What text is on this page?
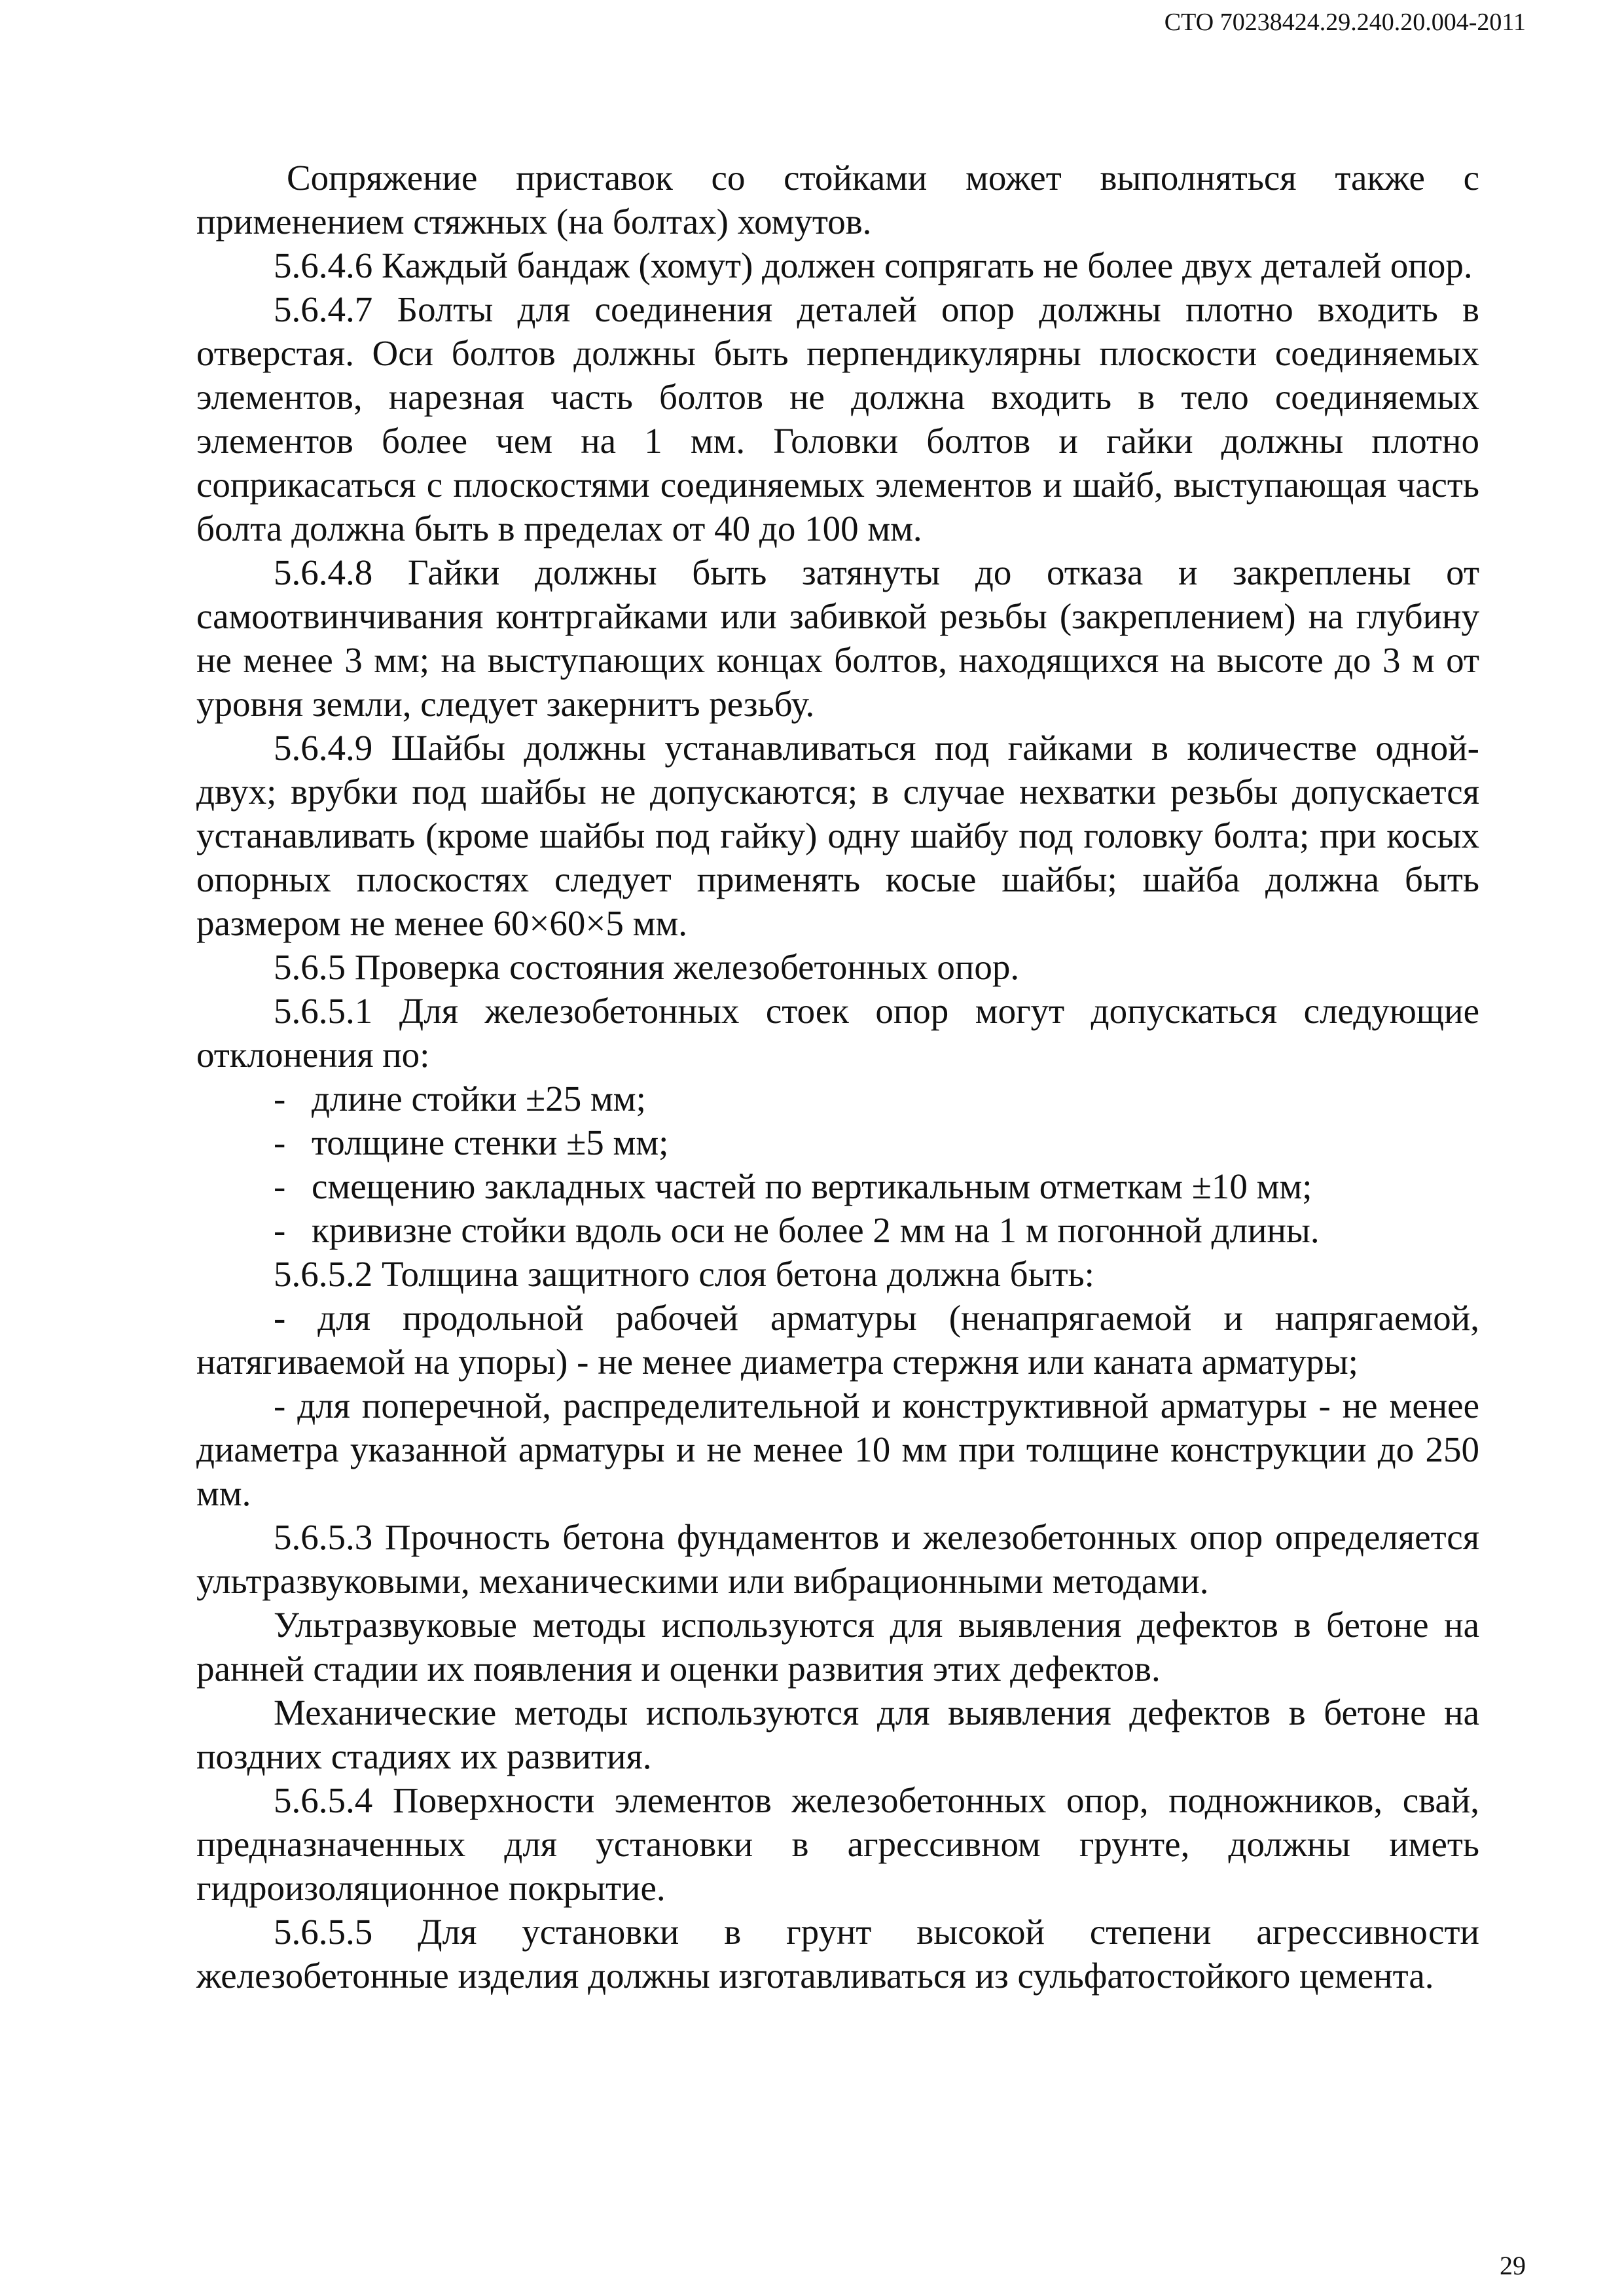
СТО 70238424.29.240.20.004-2011

Сопряжение приставок со стойками может выполняться также с применением стяжных (на болтах) хомутов.

5.6.4.6 Каждый бандаж (хомут) должен сопрягать не более двух деталей опор.

5.6.4.7 Болты для соединения деталей опор должны плотно входить в отверстая. Оси болтов должны быть перпендикулярны плоскости соединяемых элементов, нарезная часть болтов не должна входить в тело соединяемых элементов более чем на 1 мм. Головки болтов и гайки должны плотно соприкасаться с плоскостями соединяемых элементов и шайб, выступающая часть болта должна быть в пределах от 40 до 100 мм.

5.6.4.8 Гайки должны быть затянуты до отказа и закреплены от самоотвинчивания контргайками или забивкой резьбы (закреплением) на глубину не менее 3 мм; на выступающих концах болтов, находящихся на высоте до 3 м от уровня земли, следует закернитъ резьбу.

5.6.4.9 Шайбы должны устанавливаться под гайками в количестве одной-двух; врубки под шайбы не допускаются; в случае нехватки резьбы допускается устанавливать (кроме шайбы под гайку) одну шайбу под головку болта; при косых опорных плоскостях следует применять косые шайбы; шайба должна быть размером не менее 60×60×5 мм.

5.6.5 Проверка состояния железобетонных опор.

5.6.5.1 Для железобетонных стоек опор могут допускаться следующие отклонения по:

- длине стойки ±25 мм;
- толщине стенки ±5 мм;
- смещению закладных частей по вертикальным отметкам ±10 мм;
- кривизне стойки вдоль оси не более 2 мм на 1 м погонной длины.

5.6.5.2 Толщина защитного слоя бетона должна быть:

- для продольной рабочей арматуры (ненапрягаемой и напрягаемой, натягиваемой на упоры) - не менее диаметра стержня или каната арматуры;

- для поперечной, распределительной и конструктивной арматуры - не менее диаметра указанной арматуры и не менее 10 мм при толщине конструкции до 250 мм.

5.6.5.3 Прочность бетона фундаментов и железобетонных опор определяется ультразвуковыми, механическими или вибрационными методами.

Ультразвуковые методы используются для выявления дефектов в бетоне на ранней стадии их появления и оценки развития этих дефектов.

Механические методы используются для выявления дефектов в бетоне на поздних стадиях их развития.

5.6.5.4 Поверхности элементов железобетонных опор, подножников, свай, предназначенных для установки в агрессивном грунте, должны иметь гидроизоляционное покрытие.

5.6.5.5 Для установки в грунт высокой степени агрессивности железобетонные изделия должны изготавливаться из сульфатостойкого цемента.

29
